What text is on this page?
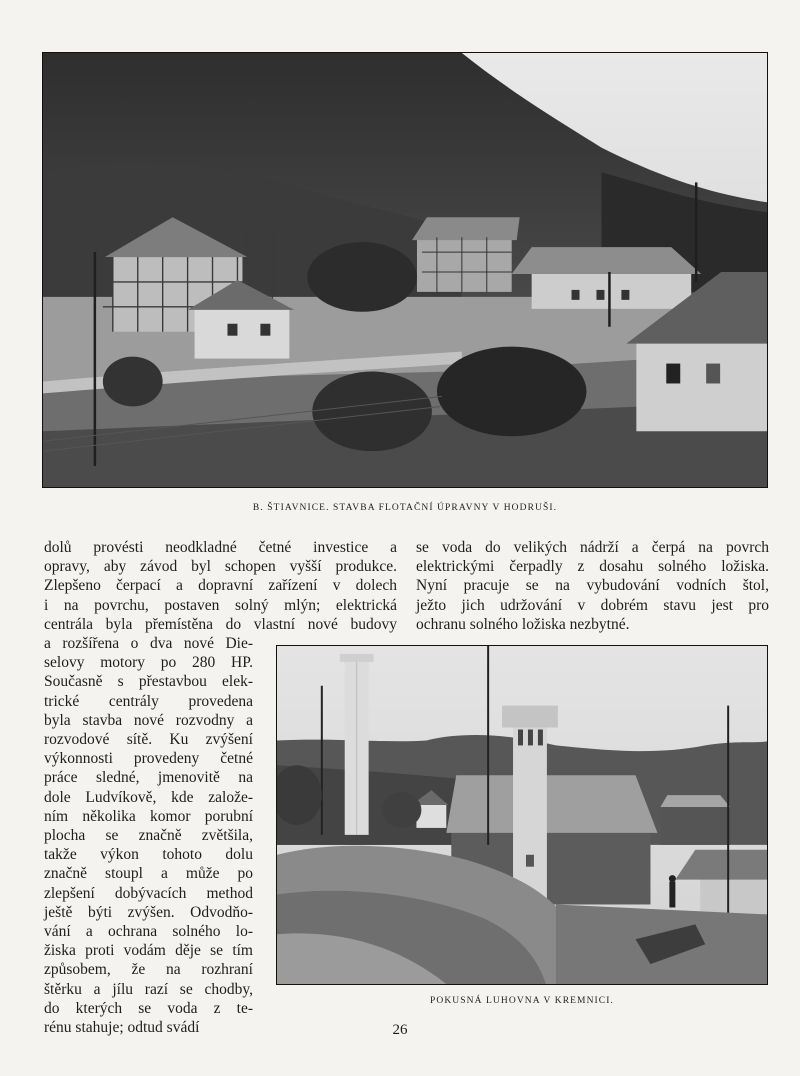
B. ŠTIAVNICE. STAVBA FLOTAČNÍ ÚPRAVNY V HODRUŠI.
dolů provésti neodkladné četné investice a
opravy, aby závod byl schopen vyšší produkce.
Zlepšeno čerpací a dopravní zařízení v dolech
i na povrchu, postaven solný mlýn; elektrická
centrála byla přemístěna do vlastní nové budovy
a rozšířena o dva nové Die-
selovy motory po 280 HP.
Současně s přestavbou elek-
trické centrály provedena
byla stavba nové rozvodny a
rozvodové sítě. Ku zvýšení
výkonnosti provedeny četné
práce sledné, jmenovitě na
dole Ludvíkově, kde založe-
ním několika komor porubní
plocha se značně zvětšila,
takže výkon tohoto dolu
značně stoupl a může po
zlepšení dobývacích method
ještě býti zvýšen. Odvodňo-
vání a ochrana solného lo-
žiska proti vodám děje se tím
způsobem, že na rozhraní
štěrku a jílu razí se chodby,
do kterých se voda z te-
rénu stahuje; odtud svádí
se voda do velikých nádrží a čerpá na povrch
elektrickými čerpadly z dosahu solného ložiska.
Nyní pracuje se na vybudování vodních štol,
ježto jich udržování v dobrém stavu jest pro
ochranu solného ložiska nezbytné.
POKUSNÁ LUHOVNA V KREMNICI.
26
